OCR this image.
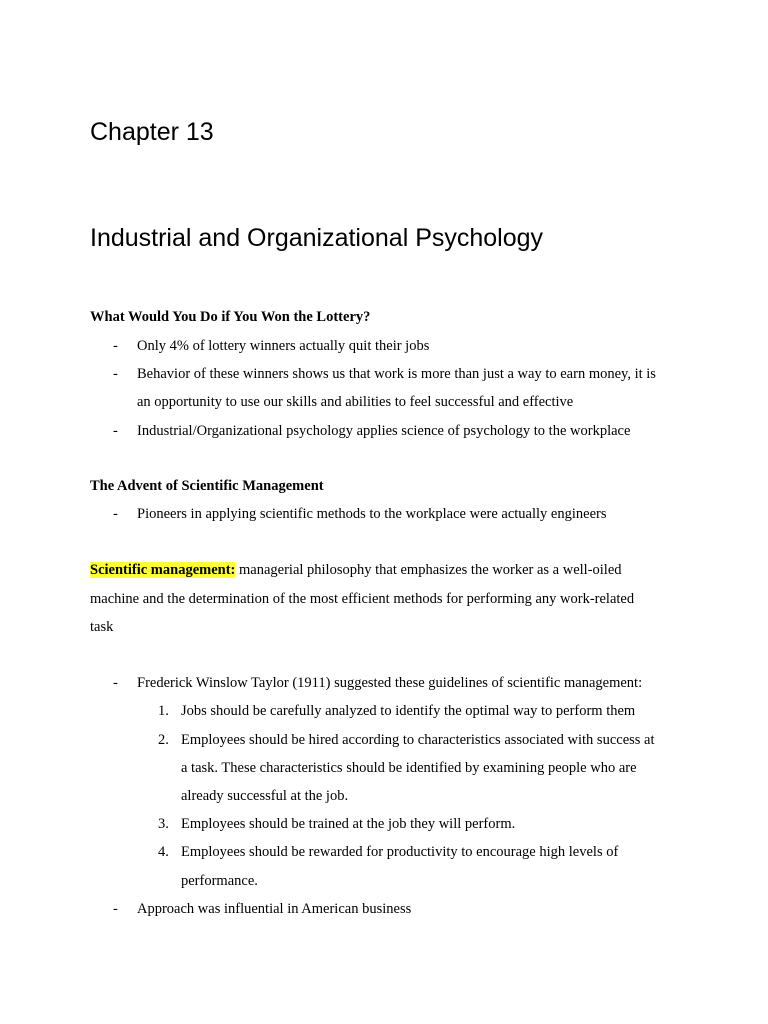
Chapter 13
Industrial and Organizational Psychology
What Would You Do if You Won the Lottery?
- Only 4% of lottery winners actually quit their jobs
- Behavior of these winners shows us that work is more than just a way to earn money, it is
an opportunity to use our skills and abilities to feel successful and effective
- Industrial/Organizational psychology applies science of psychology to the workplace
The Advent of Scientific Management
- Pioneers in applying scientific methods to the workplace were actually engineers
Scientific management: managerial philosophy that emphasizes the worker as a well-oiled
machine and the determination of the most efficient methods for performing any work-related
task
- Frederick Winslow Taylor (1911) suggested these guidelines of scientific management:
1. Jobs should be carefully analyzed to identify the optimal way to perform them
2. Employees should be hired according to characteristics associated with success at
a task. These characteristics should be identified by examining people who are
already successful at the job.
3. Employees should be trained at the job they will perform.
4. Employees should be rewarded for productivity to encourage high levels of
performance.
- Approach was influential in American business
